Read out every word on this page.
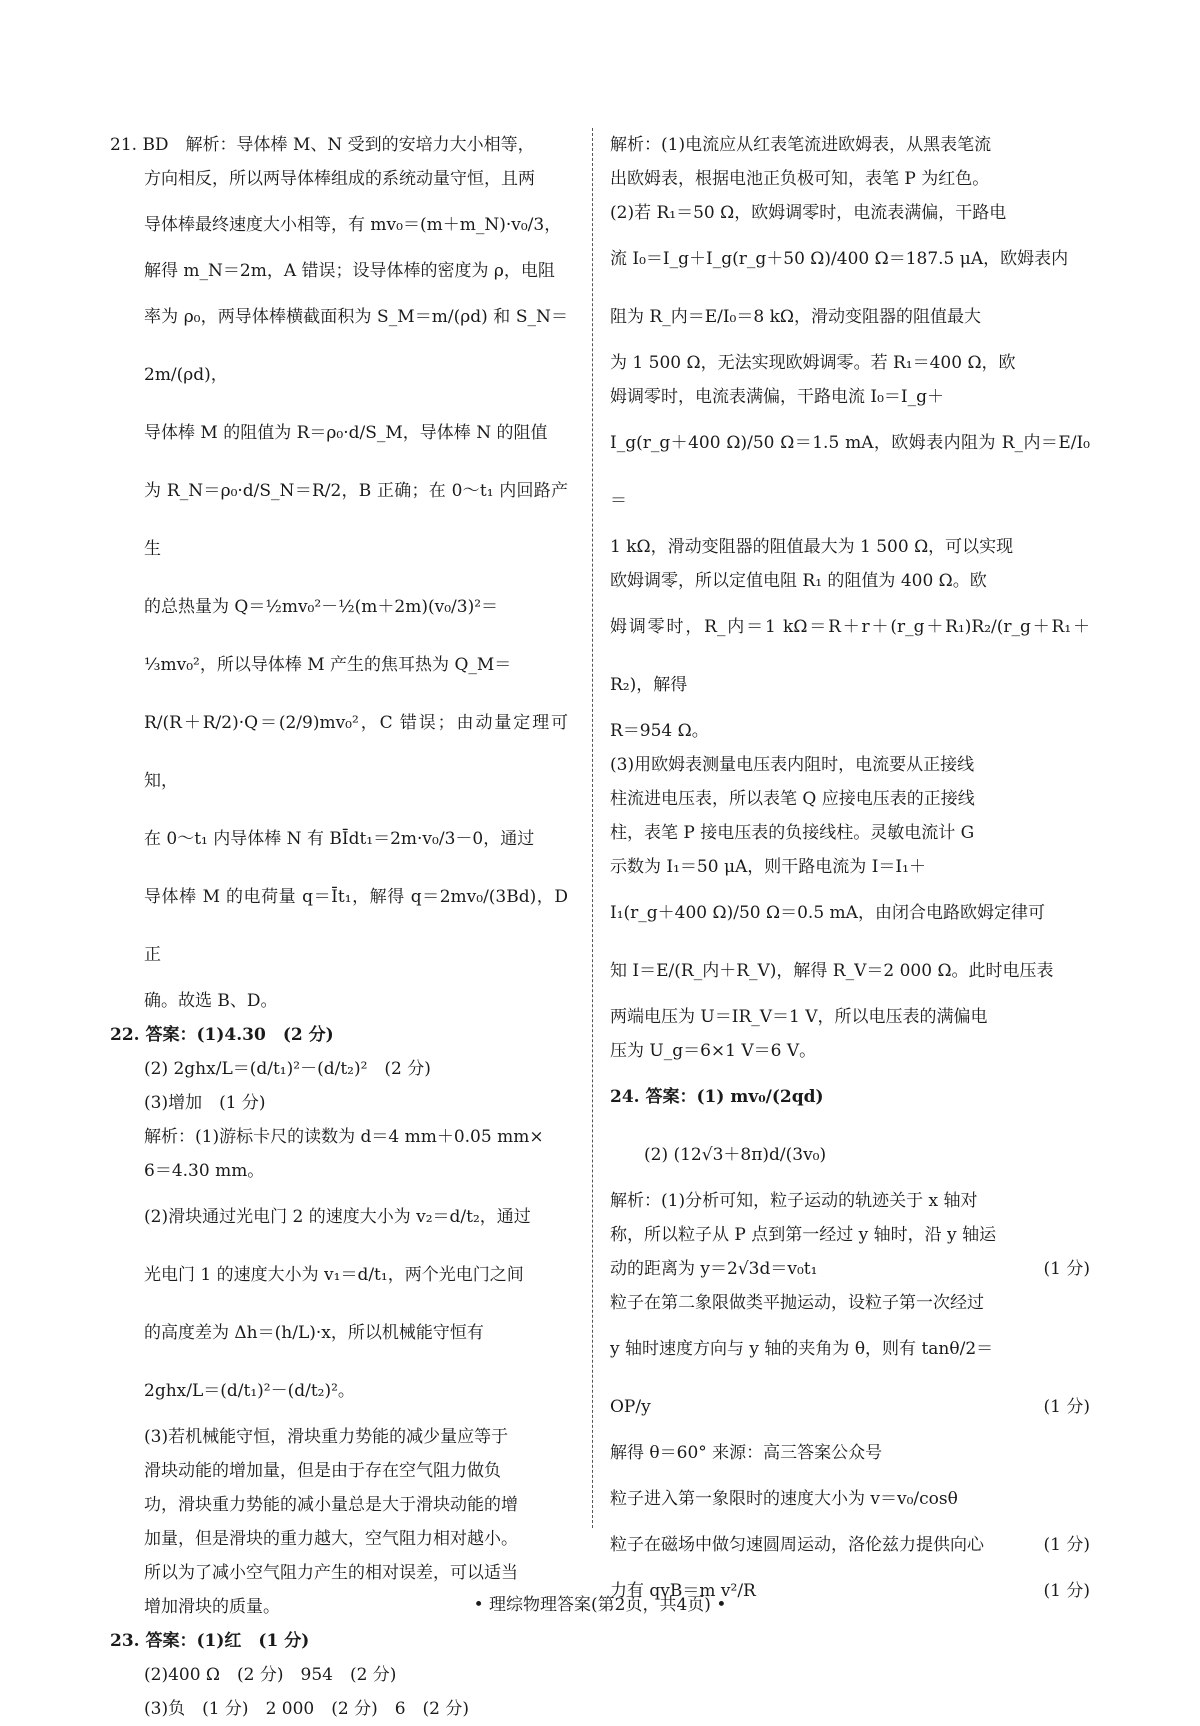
21. BD　解析：导体棒 M、N 受到的安培力大小相等，

方向相反，所以两导体棒组成的系统动量守恒，且两

导体棒最终速度大小相等，有 mv₀＝(m＋m_N)·v₀/3，

解得 m_N＝2m，A 错误；设导体棒的密度为 ρ，电阻

率为 ρ₀，两导体棒横截面积为 S_M＝m/(ρd) 和 S_N＝2m/(ρd)，

导体棒 M 的阻值为 R＝ρ₀·d/S_M，导体棒 N 的阻值

为 R_N＝ρ₀·d/S_N＝R/2，B 正确；在 0～t₁ 内回路产生

的总热量为 Q＝½mv₀²－½(m＋2m)(v₀/3)²＝

⅓mv₀²，所以导体棒 M 产生的焦耳热为 Q_M＝

R/(R＋R/2)·Q＝(2/9)mv₀²，C 错误；由动量定理可知，

在 0～t₁ 内导体棒 N 有 BĪdt₁＝2m·v₀/3－0，通过

导体棒 M 的电荷量 q＝Īt₁，解得 q＝2mv₀/(3Bd)，D 正

确。故选 B、D。

22. 答案：(1)4.30　(2 分)

(2) 2ghx/L＝(d/t₁)²－(d/t₂)²　(2 分)

(3)增加　(1 分)

解析：(1)游标卡尺的读数为 d＝4 mm＋0.05 mm×

6＝4.30 mm。

(2)滑块通过光电门 2 的速度大小为 v₂＝d/t₂，通过

光电门 1 的速度大小为 v₁＝d/t₁，两个光电门之间

的高度差为 Δh＝(h/L)·x，所以机械能守恒有

2ghx/L＝(d/t₁)²－(d/t₂)²。

(3)若机械能守恒，滑块重力势能的减少量应等于

滑块动能的增加量，但是由于存在空气阻力做负

功，滑块重力势能的减小量总是大于滑块动能的增

加量，但是滑块的重力越大，空气阻力相对越小。

所以为了减小空气阻力产生的相对误差，可以适当

增加滑块的质量。

23. 答案：(1)红　(1 分)

(2)400 Ω　(2 分)　954　(2 分)

(3)负　(1 分)　2 000　(2 分)　6　(2 分)

解析：(1)电流应从红表笔流进欧姆表，从黑表笔流

出欧姆表，根据电池正负极可知，表笔 P 为红色。

(2)若 R₁＝50 Ω，欧姆调零时，电流表满偏，干路电

流 I₀＝I_g＋I_g(r_g＋50 Ω)/400 Ω＝187.5 μA，欧姆表内

阻为 R_内＝E/I₀＝8 kΩ，滑动变阻器的阻值最大

为 1 500 Ω，无法实现欧姆调零。若 R₁＝400 Ω，欧

姆调零时，电流表满偏，干路电流 I₀＝I_g＋

I_g(r_g＋400 Ω)/50 Ω＝1.5 mA，欧姆表内阻为 R_内＝E/I₀＝

1 kΩ，滑动变阻器的阻值最大为 1 500 Ω，可以实现

欧姆调零，所以定值电阻 R₁ 的阻值为 400 Ω。欧

姆调零时，R_内＝1 kΩ＝R＋r＋(r_g＋R₁)R₂/(r_g＋R₁＋R₂)，解得

R＝954 Ω。

(3)用欧姆表测量电压表内阻时，电流要从正接线

柱流进电压表，所以表笔 Q 应接电压表的正接线

柱，表笔 P 接电压表的负接线柱。灵敏电流计 G

示数为 I₁＝50 μA，则干路电流为 I＝I₁＋

I₁(r_g＋400 Ω)/50 Ω＝0.5 mA，由闭合电路欧姆定律可

知 I＝E/(R_内＋R_V)，解得 R_V＝2 000 Ω。此时电压表

两端电压为 U＝IR_V＝1 V，所以电压表的满偏电

压为 U_g＝6×1 V＝6 V。

24. 答案：(1) mv₀/(2qd)

(2) (12√3＋8π)d/(3v₀)

解析：(1)分析可知，粒子运动的轨迹关于 x 轴对

称，所以粒子从 P 点到第一经过 y 轴时，沿 y 轴运

动的距离为 y＝2√3d＝v₀t₁	(1 分)

粒子在第二象限做类平抛运动，设粒子第一次经过

y 轴时速度方向与 y 轴的夹角为 θ，则有 tanθ/2＝

OP/y	(1 分)

解得 θ＝60° 来源：高三答案公众号

粒子进入第一象限时的速度大小为 v＝v₀/cosθ

(1 分)

粒子在磁场中做匀速圆周运动，洛伦兹力提供向心

力有 qvB＝m v²/R	(1 分)

• 理综物理答案(第2页，共4页) •
